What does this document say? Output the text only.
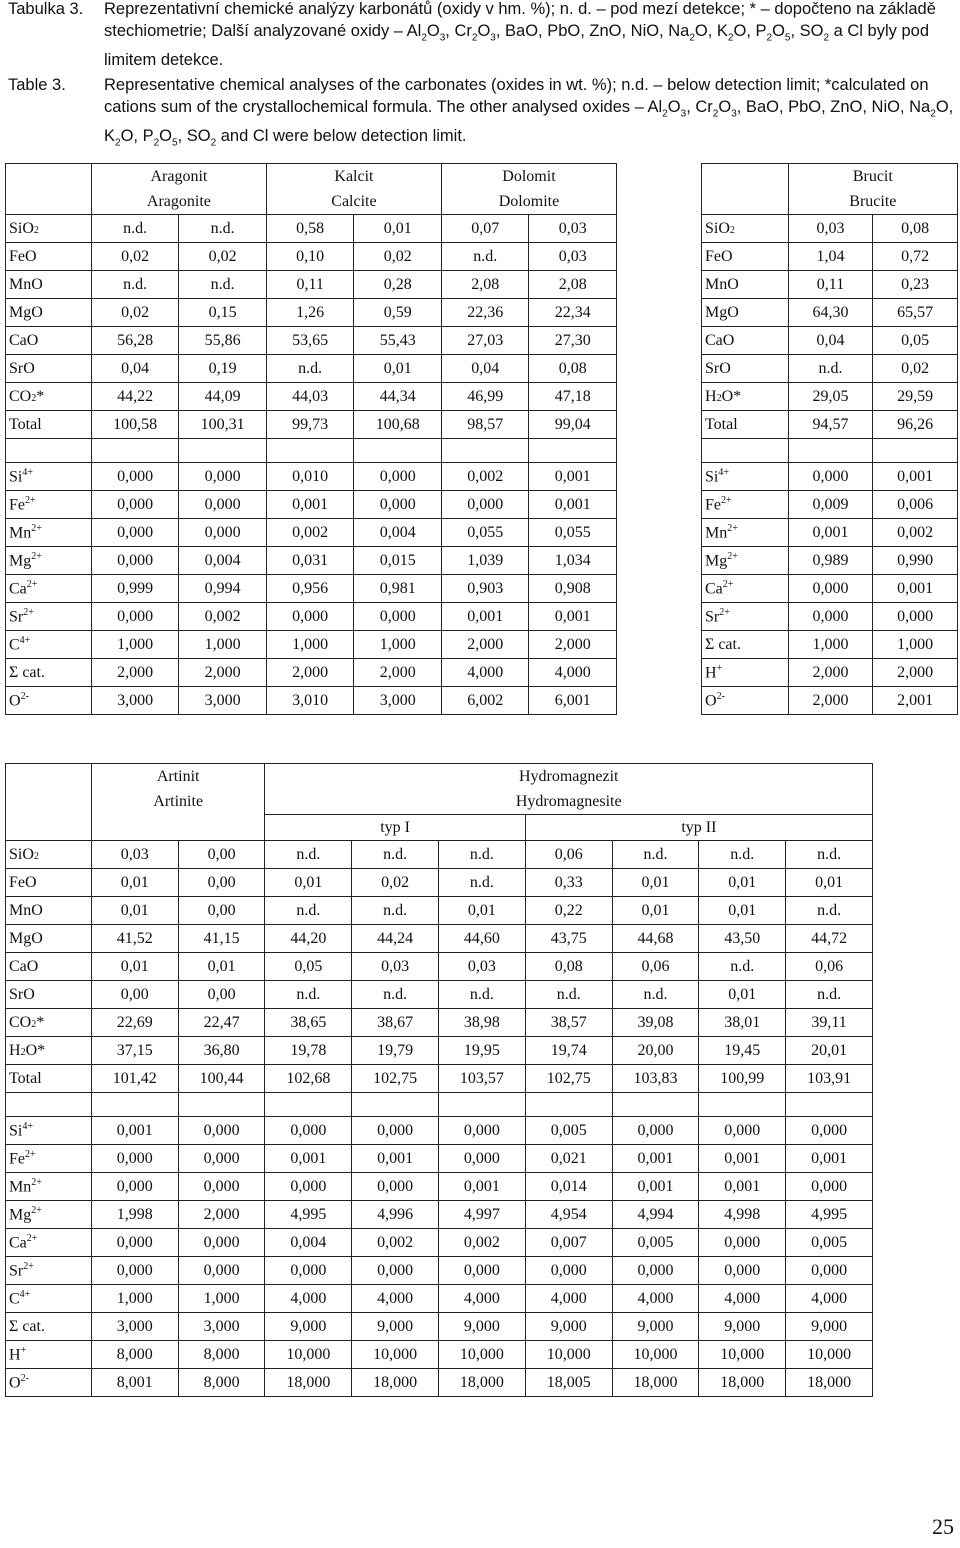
Tabulka 3.	Reprezentativní chemické analýzy karbonátů (oxidy v hm. %); n. d. – pod mezí detekce; * – dopočteno na základě stechiometrie; Další analyzované oxidy – $Al_2O_3$, $Cr_2O_3$, BaO, PbO, ZnO, NiO, $Na_2O$, $K_2O$, $P_2O_5$, $SO_2$ a Cl byly pod limitem detekce.
Table 3.	Representative chemical analyses of the carbonates (oxides in wt. %); n.d. – below detection limit; *calculated on cations sum of the crystallochemical formula. The other analysed oxides – $Al_2O_3$, $Cr_2O_3$, BaO, PbO, ZnO, NiO, $Na_2O$, $K_2O$, $P_2O_5$, $SO_2$ and Cl were below detection limit.
	Aragonit		Kalcit		Dolomit	
	Aragonite		Calcite		Dolomite	
SiO2	n.d.	n.d.	0,58	0,01	0,07	0,03
FeO	0,02	0,02	0,10	0,02	n.d.	0,03
MnO	n.d.	n.d.	0,11	0,28	2,08	2,08
MgO	0,02	0,15	1,26	0,59	22,36	22,34
CaO	56,28	55,86	53,65	55,43	27,03	27,30
SrO	0,04	0,19	n.d.	0,01	0,04	0,08
CO2*	44,22	44,09	44,03	44,34	46,99	47,18
Total	100,58	100,31	99,73	100,68	98,57	99,04

$Si^{4+}$	0,000	0,000	0,010	0,000	0,002	0,001
$Fe^{2+}$	0,000	0,000	0,001	0,000	0,000	0,001
$Mn^{2+}$	0,000	0,000	0,002	0,004	0,055	0,055
$Mg^{2+}$	0,000	0,004	0,031	0,015	1,039	1,034
$Ca^{2+}$	0,999	0,994	0,956	0,981	0,903	0,908
$Sr^{2+}$	0,000	0,002	0,000	0,000	0,001	0,001
$C^{4+}$	1,000	1,000	1,000	1,000	2,000	2,000
Σ cat.	2,000	2,000	2,000	2,000	4,000	4,000
$O^{2-}$	3,000	3,000	3,010	3,000	6,002	6,001
	Brucit	
	Brucite	
SiO2	0,03	0,08
FeO	1,04	0,72
MnO	0,11	0,23
MgO	64,30	65,57
CaO	0,04	0,05
SrO	n.d.	0,02
H2O*	29,05	29,59
Total	94,57	96,26

$Si^{4+}$	0,000	0,001
$Fe^{2+}$	0,009	0,006
$Mn^{2+}$	0,001	0,002
$Mg^{2+}$	0,989	0,990
$Ca^{2+}$	0,000	0,001
$Sr^{2+}$	0,000	0,000
Σ cat.	1,000	1,000
H+	2,000	2,000
$O^{2-}$	2,000	2,001
	Artinit		Hydromagnezit						
	Artinite		Hydromagnesite						
			typ I			typ II			
SiO2	0,03	0,00	n.d.	n.d.	n.d.	0,06	n.d.	n.d.	n.d.
FeO	0,01	0,00	0,01	0,02	n.d.	0,33	0,01	0,01	0,01
MnO	0,01	0,00	n.d.	n.d.	0,01	0,22	0,01	0,01	n.d.
MgO	41,52	41,15	44,20	44,24	44,60	43,75	44,68	43,50	44,72
CaO	0,01	0,01	0,05	0,03	0,03	0,08	0,06	n.d.	0,06
SrO	0,00	0,00	n.d.	n.d.	n.d.	n.d.	n.d.	0,01	n.d.
CO2*	22,69	22,47	38,65	38,67	38,98	38,57	39,08	38,01	39,11
H2O*	37,15	36,80	19,78	19,79	19,95	19,74	20,00	19,45	20,01
Total	101,42	100,44	102,68	102,75	103,57	102,75	103,83	100,99	103,91

$Si^{4+}$	0,001	0,000	0,000	0,000	0,000	0,005	0,000	0,000	0,000
$Fe^{2+}$	0,000	0,000	0,001	0,001	0,000	0,021	0,001	0,001	0,001
$Mn^{2+}$	0,000	0,000	0,000	0,000	0,001	0,014	0,001	0,001	0,000
$Mg^{2+}$	1,998	2,000	4,995	4,996	4,997	4,954	4,994	4,998	4,995
$Ca^{2+}$	0,000	0,000	0,004	0,002	0,002	0,007	0,005	0,000	0,005
$Sr^{2+}$	0,000	0,000	0,000	0,000	0,000	0,000	0,000	0,000	0,000
$C^{4+}$	1,000	1,000	4,000	4,000	4,000	4,000	4,000	4,000	4,000
Σ cat.	3,000	3,000	9,000	9,000	9,000	9,000	9,000	9,000	9,000
H+	8,000	8,000	10,000	10,000	10,000	10,000	10,000	10,000	10,000
$O^{2-}$	8,001	8,000	18,000	18,000	18,000	18,005	18,000	18,000	18,000
25
